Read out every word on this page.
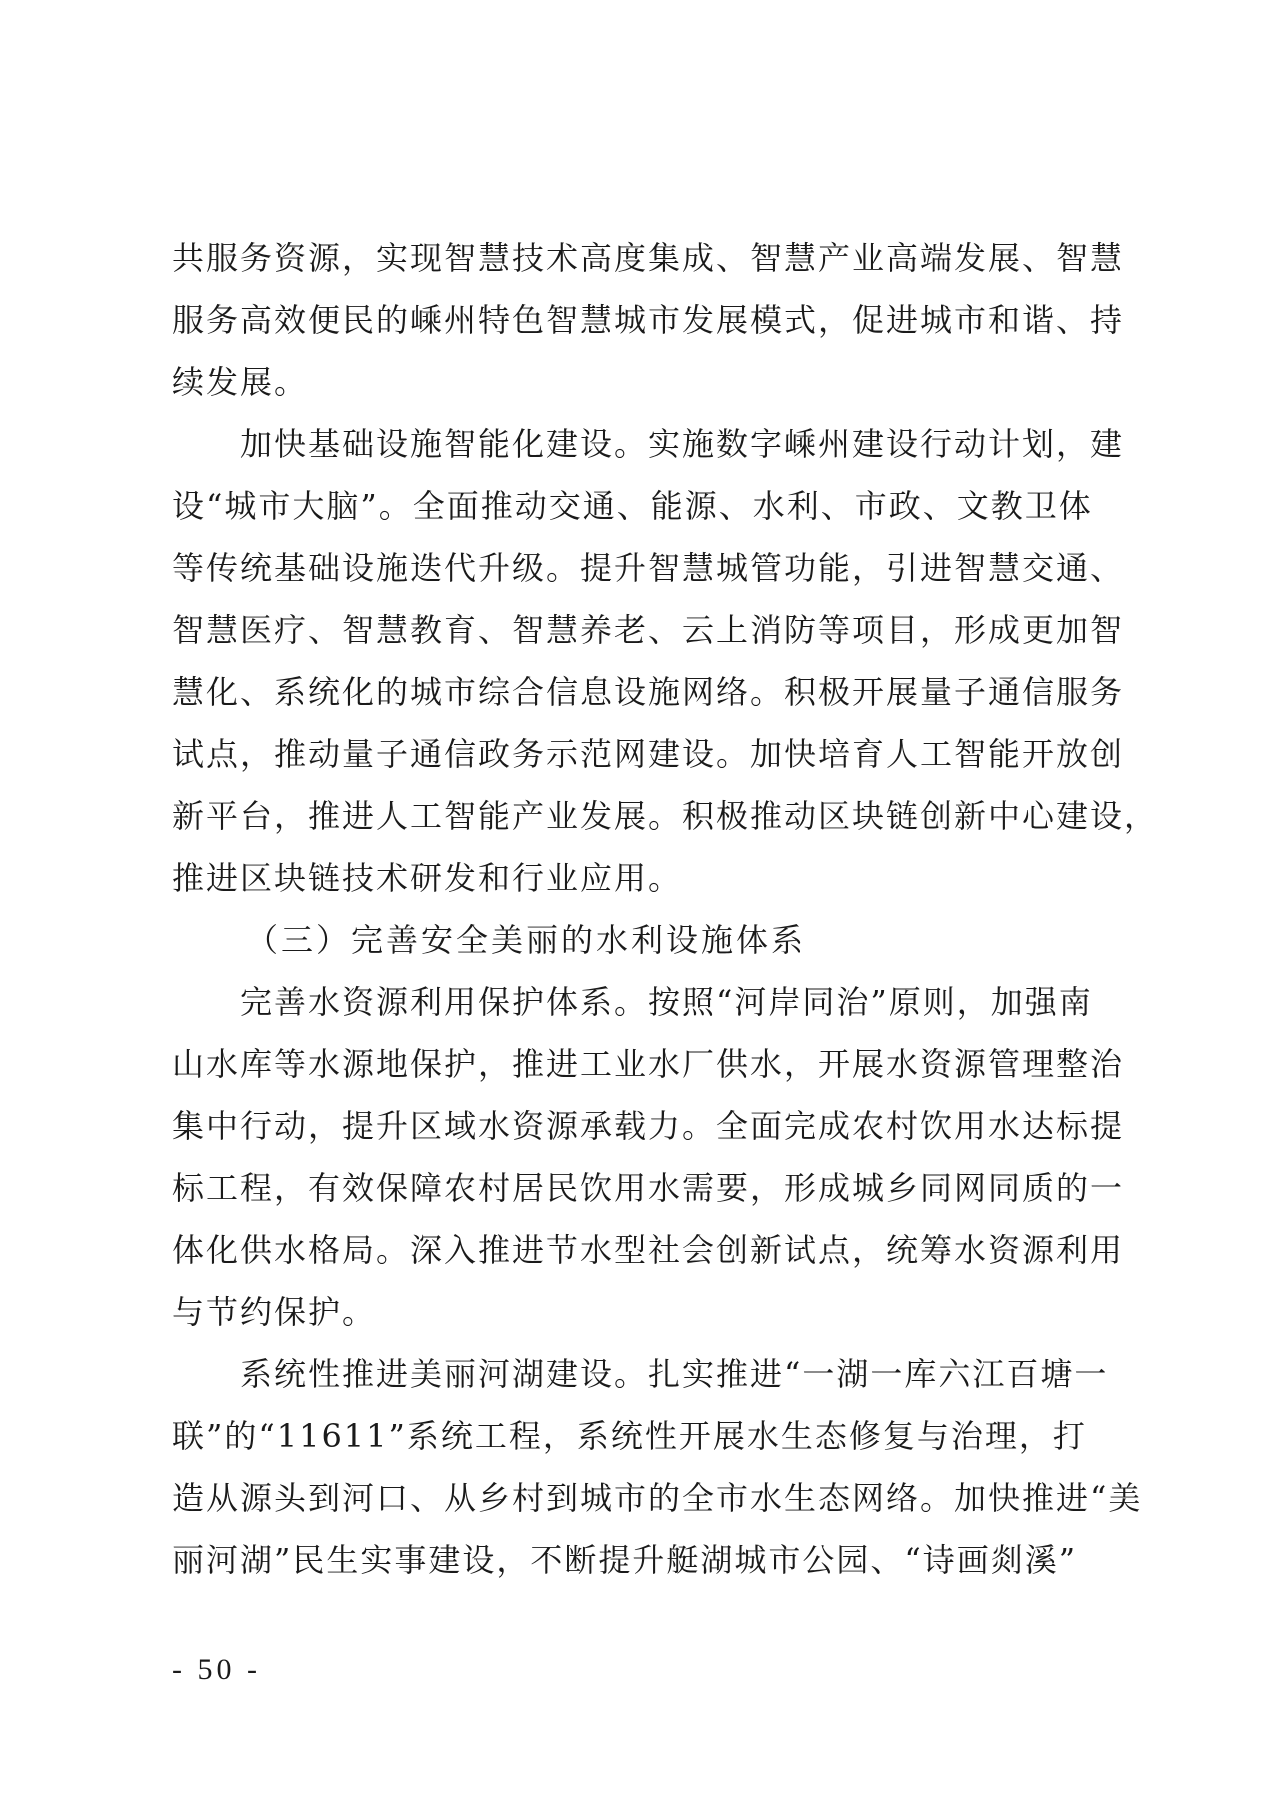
共服务资源，实现智慧技术高度集成、智慧产业高端发展、智慧
服务高效便民的嵊州特色智慧城市发展模式，促进城市和谐、持
续发展。
加快基础设施智能化建设。实施数字嵊州建设行动计划，建
设“城市大脑”。全面推动交通、能源、水利、市政、文教卫体
等传统基础设施迭代升级。提升智慧城管功能，引进智慧交通、
智慧医疗、智慧教育、智慧养老、云上消防等项目，形成更加智
慧化、系统化的城市综合信息设施网络。积极开展量子通信服务
试点，推动量子通信政务示范网建设。加快培育人工智能开放创
新平台，推进人工智能产业发展。积极推动区块链创新中心建设，
推进区块链技术研发和行业应用。
（三）完善安全美丽的水利设施体系
完善水资源利用保护体系。按照“河岸同治”原则，加强南
山水库等水源地保护，推进工业水厂供水，开展水资源管理整治
集中行动，提升区域水资源承载力。全面完成农村饮用水达标提
标工程，有效保障农村居民饮用水需要，形成城乡同网同质的一
体化供水格局。深入推进节水型社会创新试点，统筹水资源利用
与节约保护。
系统性推进美丽河湖建设。扎实推进“一湖一库六江百塘一
联”的“11611”系统工程，系统性开展水生态修复与治理，打
造从源头到河口、从乡村到城市的全市水生态网络。加快推进“美
丽河湖”民生实事建设，不断提升艇湖城市公园、“诗画剡溪”
- 50 -
